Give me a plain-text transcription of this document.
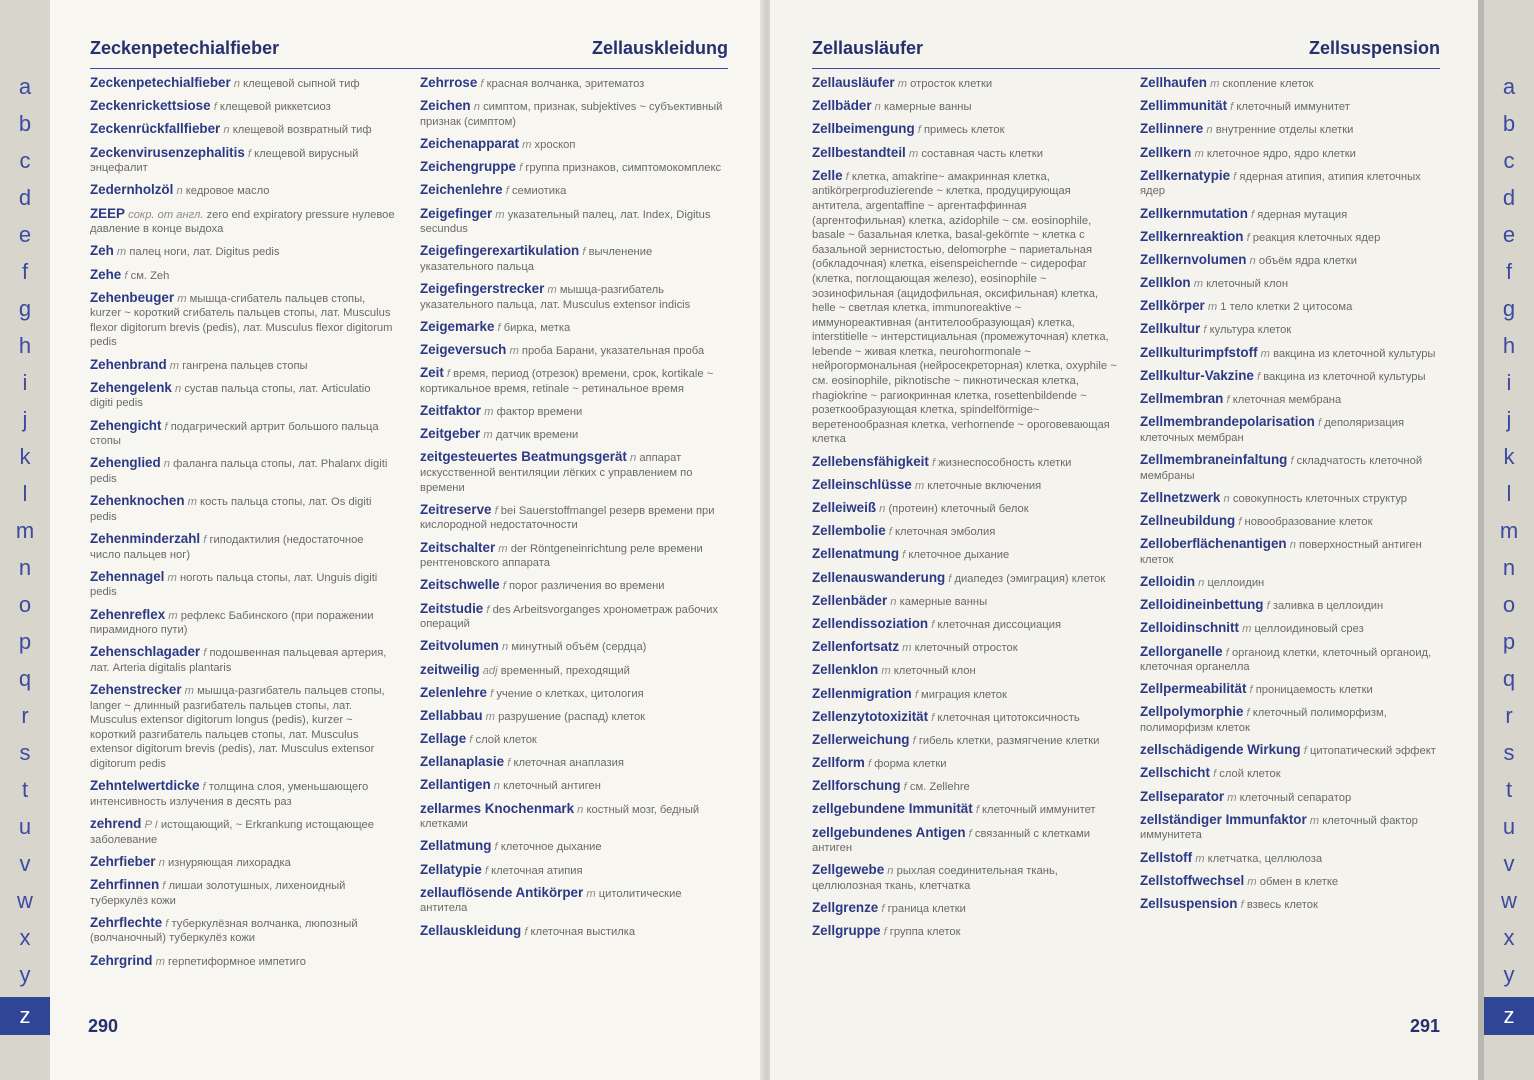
a
b
c
d
e
f
g
h
i
j
k
l
m
n
o
p
q
r
s
t
u
v
w
x
y
z
a
b
c
d
e
f
g
h
i
j
k
l
m
n
o
p
q
r
s
t
u
v
w
x
y
z
Zeckenpetechialfieber	Zellauskleidung
Zeckenpetechialfieber n клещевой сыпной тиф
Zeckenrickettsiose f клещевой риккетсиоз
Zeckenrückfallfieber n клещевой возвратный тиф
Zeckenvirusenzephalitis f клещевой вирусный энцефалит
Zedernholzöl n кедровое масло
ZEEP сокр. от англ. zero end expiratory pressure нулевое давление в конце выдоха
Zeh m палец ноги, лат. Digitus pedis
Zehe f см. Zeh
Zehenbeuger m мышца-сгибатель пальцев стопы, kurzer ~ короткий сгибатель пальцев стопы, лат. Musculus flexor digitorum brevis (pedis), лат. Musculus flexor digitorum pedis
Zehenbrand m гангрена пальцев стопы
Zehengelenk n сустав пальца стопы, лат. Articulatio digiti pedis
Zehengicht f подагрический артрит большого пальца стопы
Zehenglied n фаланга пальца стопы, лат. Phalanx digiti pedis
Zehenknochen m кость пальца стопы, лат. Os digiti pedis
Zehenminderzahl f гиподактилия (недостаточное число пальцев ног)
Zehennagel m ноготь пальца стопы, лат. Unguis digiti pedis
Zehenreflex m рефлекс Бабинского (при поражении пирамидного пути)
Zehenschlagader f подошвенная пальцевая артерия, лат. Arteria digitalis plantaris
Zehenstrecker m мышца-разгибатель пальцев стопы, langer ~ длинный разгибатель пальцев стопы, лат. Musculus extensor digitorum longus (pedis), kurzer ~ короткий разгибатель пальцев стопы, лат. Musculus extensor digitorum brevis (pedis), лат. Musculus extensor digitorum pedis
Zehntelwertdicke f толщина слоя, уменьшающего интенсивность излучения в десять раз
zehrend P I истощающий, ~ Erkrankung истощающее заболевание
Zehrfieber n изнуряющая лихорадка
Zehrfinnen f лишаи золотушных, лихеноидный туберкулёз кожи
Zehrflechte f туберкулёзная волчанка, люпозный (волчаночный) туберкулёз кожи
Zehrgrind m герпетиформное импетиго
Zehrrose f красная волчанка, эритематоз
Zeichen n симптом, признак, subjektives ~ субъективный признак (симптом)
Zeichenapparat m хроскоп
Zeichengruppe f группа признаков, симптомокомплекс
Zeichenlehre f семиотика
Zeigefinger m указательный палец, лат. Index, Digitus secundus
Zeigefingerexartikulation f вычленение указательного пальца
Zeigefingerstrecker m мышца-разгибатель указательного пальца, лат. Musculus extensor indicis
Zeigemarke f бирка, метка
Zeigeversuch m проба Барани, указательная проба
Zeit f время, период (отрезок) времени, срок, kortikale ~ кортикальное время, retinale ~ ретинальное время
Zeitfaktor m фактор времени
Zeitgeber m датчик времени
zeitgesteuertes Beatmungsgerät n аппарат искусственной вентиляции лёгких с управлением по времени
Zeitreserve f bei Sauerstoffmangel резерв времени при кислородной недостаточности
Zeitschalter m der Röntgeneinrichtung реле времени рентгеновского аппарата
Zeitschwelle f порог различения во времени
Zeitstudie f des Arbeitsvorganges хронометраж рабочих операций
Zeitvolumen n минутный объём (сердца)
zeitweilig adj временный, преходящий
Zelenlehre f учение о клетках, цитология
Zellabbau m разрушение (распад) клеток
Zellage f слой клеток
Zellanaplasie f клеточная анаплазия
Zellantigen n клеточный антиген
zellarmes Knochenmark n костный мозг, бедный клетками
Zellatmung f клеточное дыхание
Zellatypie f клеточная атипия
zellauflösende Antikörper m цитолитические антитела
Zellauskleidung f клеточная выстилка
290
Zellausläufer	Zellsuspension
Zellausläufer m отросток клетки
Zellbäder n камерные ванны
Zellbeimengung f примесь клеток
Zellbestandteil m составная часть клетки
Zelle f клетка, amakrine~ амакринная клетка, antikörperproduzierende ~ клетка, продуцирующая антитела, argentaffine ~ аргентаффинная (аргентофильная) клетка, azidophile ~ см. eosinophile, basale ~ базальная клетка, basal-gekörnte ~ клетка с базальной зернистостью, delomorphe ~ париетальная (обкладочная) клетка, eisenspeichernde ~ сидерофаг (клетка, поглощающая железо), eosinophile ~ эозинофильная (ацидофильная, оксифильная) клетка, helle ~ светлая клетка, immunoreaktive ~ иммунореактивная (антителообразующая) клетка, interstitielle ~ интерстициальная (промежуточная) клетка, lebende ~ живая клетка, neurohormonale ~ нейрогормональная (нейросекреторная) клетка, oxyphile ~ см. eosinophile, piknotische ~ пикнотическая клетка, rhagiokrine ~ рагиокринная клетка, rosettenbildende ~ розеткообразующая клетка, spindelförmige~ веретенообразная клетка, verhornende ~ ороговевающая клетка
Zellebensfähigkeit f жизнеспособность клетки
Zelleinschlüsse m клеточные включения
Zelleiweiß n (протеин) клеточный белок
Zellembolie f клеточная эмболия
Zellenatmung f клеточное дыхание
Zellenauswanderung f диапедез (эмиграция) клеток
Zellenbäder n камерные ванны
Zellendissoziation f клеточная диссоциация
Zellenfortsatz m клеточный отросток
Zellenklon m клеточный клон
Zellenmigration f миграция клеток
Zellenzytotoxizität f клеточная цитотоксичность
Zellerweichung f гибель клетки, размягчение клетки
Zellform f форма клетки
Zellforschung f см. Zellehre
zellgebundene Immunität f клеточный иммунитет
zellgebundenes Antigen f связанный с клетками антиген
Zellgewebe n рыхлая соединительная ткань, целлюлозная ткань, клетчатка
Zellgrenze f граница клетки
Zellgruppe f группа клеток
Zellhaufen m скопление клеток
Zellimmunität f клеточный иммунитет
Zellinnere n внутренние отделы клетки
Zellkern m клеточное ядро, ядро клетки
Zellkernatypie f ядерная атипия, атипия клеточных ядер
Zellkernmutation f ядерная мутация
Zellkernreaktion f реакция клеточных ядер
Zellkernvolumen n объём ядра клетки
Zellklon m клеточный клон
Zellkörper m 1 тело клетки 2 цитосома
Zellkultur f культура клеток
Zellkulturimpfstoff m вакцина из клеточной культуры
Zellkultur-Vakzine f вакцина из клеточной культуры
Zellmembran f клеточная мембрана
Zellmembrandepolarisation f деполяризация клеточных мембран
Zellmembraneinfaltung f складчатость клеточной мембраны
Zellnetzwerk n совокупность клеточных структур
Zellneubildung f новообразование клеток
Zelloberflächenantigen n поверхностный антиген клеток
Zelloidin n целлоидин
Zelloidineinbettung f заливка в целлоидин
Zelloidinschnitt m целлоидиновый срез
Zellorganelle f органоид клетки, клеточный органоид, клеточная органелла
Zellpermeabilität f проницаемость клетки
Zellpolymorphie f клеточный полиморфизм, полиморфизм клеток
zellschädigende Wirkung f цитопатический эффект
Zellschicht f слой клеток
Zellseparator m клеточный сепаратор
zellständiger Immunfaktor m клеточный фактор иммунитета
Zellstoff m клетчатка, целлюлоза
Zellstoffwechsel m обмен в клетке
Zellsuspension f взвесь клеток
291
